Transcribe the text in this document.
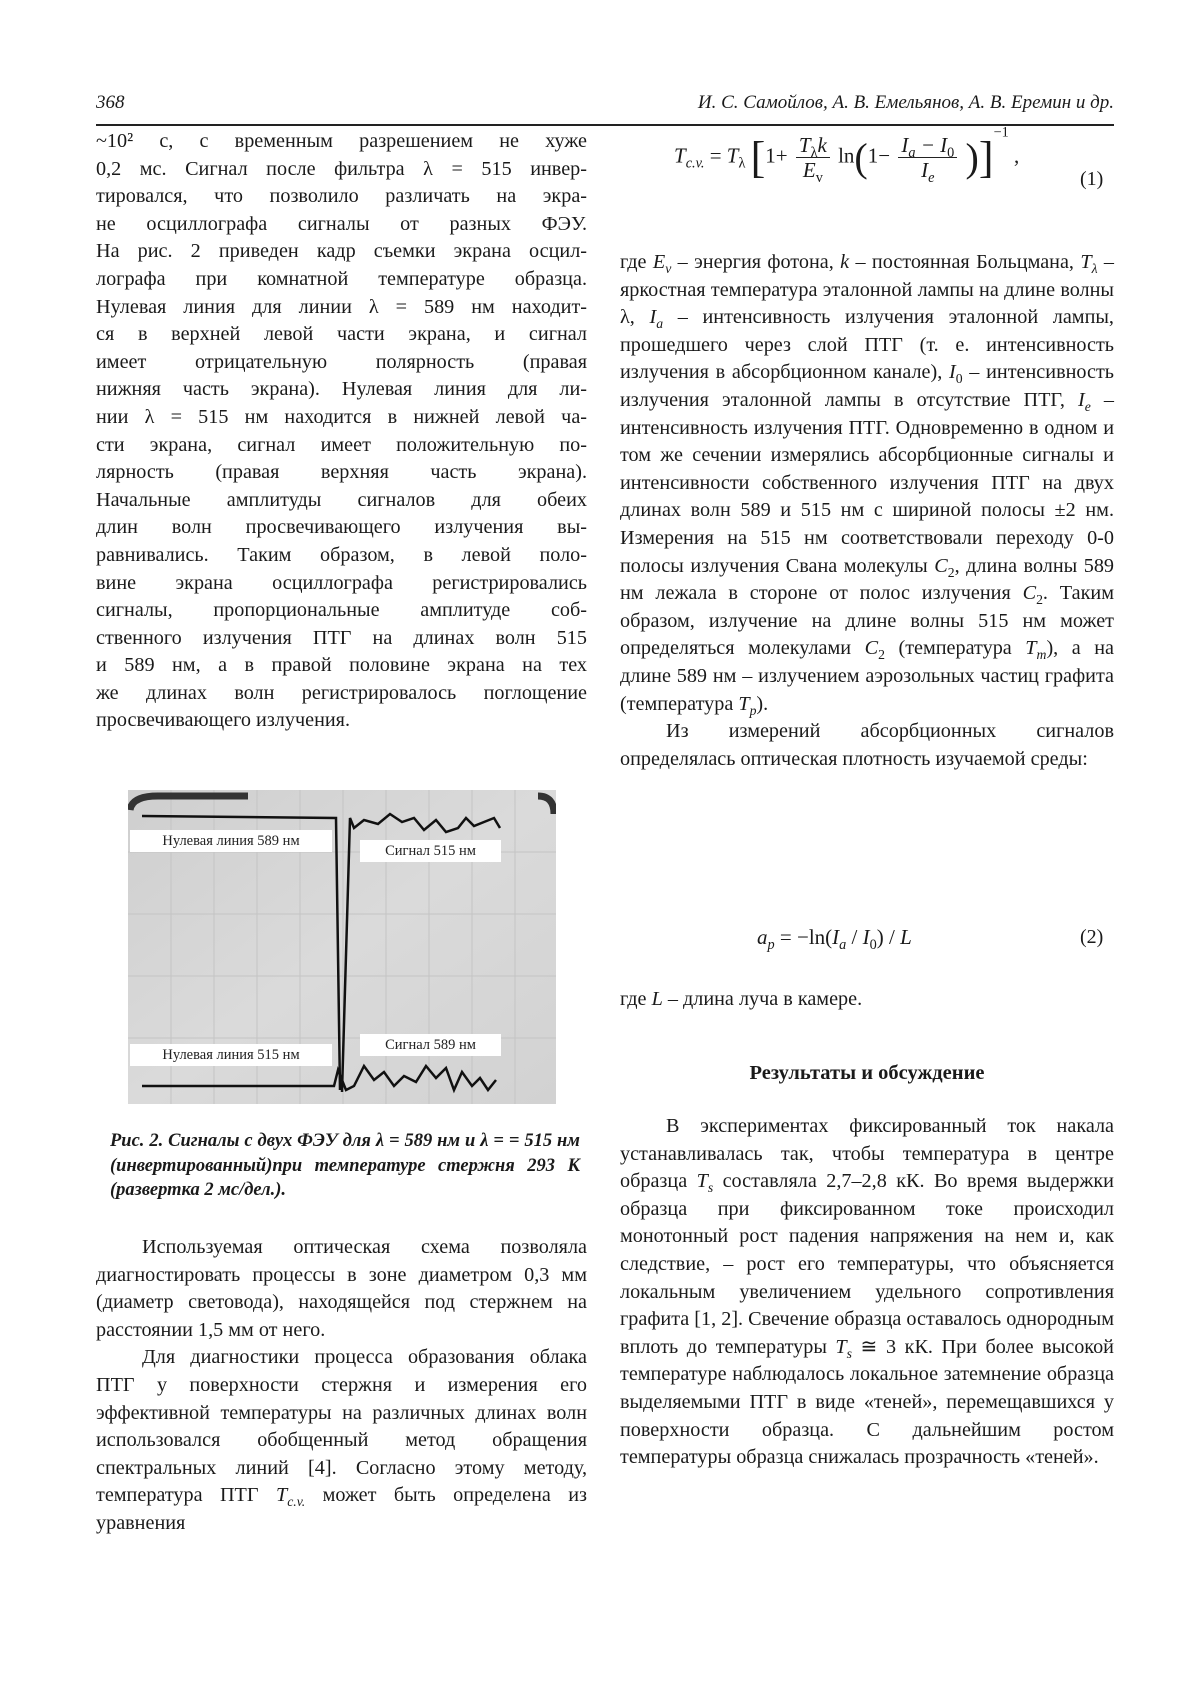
368	И. С. Самойлов, А. В. Емельянов, А. В. Еремин и др.
~10² с, с временным разрешением не хуже
0,2 мс. Сигнал после фильтра λ = 515 инвер-
тировался, что позволило различать на экра-
не осциллографа сигналы от разных ФЭУ.
На рис. 2 приведен кадр съемки экрана осцил-
лографа при комнатной температуре образца.
Нулевая линия для линии λ = 589 нм находит-
ся в верхней левой части экрана, и сигнал
имеет отрицательную полярность (правая
нижняя часть экрана). Нулевая линия для ли-
нии λ = 515 нм находится в нижней левой ча-
сти экрана, сигнал имеет положительную по-
лярность (правая верхняя часть экрана).
Начальные амплитуды сигналов для обеих
длин волн просвечивающего излучения вы-
равнивались. Таким образом, в левой поло-
вине экрана осциллографа регистрировались
сигналы, пропорциональные амплитуде соб-
ственного излучения ПТГ на длинах волн 515
и 589 нм, а в правой половине экрана на тех
же длинах волн регистрировалось поглощение
просвечивающего излучения.
Нулевая линия 589 нм
Сигнал 515 нм
Нулевая линия 515 нм
Сигнал 589 нм
Рис. 2. Сигналы с двух ФЭУ для λ = 589 нм и λ = = 515 нм (инвертированный)при температуре стержня 293 К (развертка 2 мс/дел.).

Используемая оптическая схема позволяла диагностировать процессы в зоне диаметром 0,3 мм (диаметр световода), находящейся под стержнем на расстоянии 1,5 мм от него.

Для диагностики процесса образования облака ПТГ у поверхности стержня и измерения его эффективной температуры на различных длинах волн использовался обобщенный метод обращения спектральных линий [4]. Согласно этому методу, температура ПТГ $T_{c.v.}$ может быть определена из уравнения

$T_{c.v.} = T_\lambda$ $[1+ \frac{T_\lambda k}{E_v} \ln(1- \frac{I_a - I_0}{I_e} )]^{-1}$ ,
(1)

где $E_v$ – энергия фотона, k – постоянная Больцмана, $T_\lambda$ – яркостная температура эталонной лампы на длине волны λ, $I_a$ – интенсивность излучения эталонной лампы, прошедшего через слой ПТГ (т. е. интенсивность излучения в абсорбционном канале), $I_0$ – интенсивность излучения эталонной лампы в отсутствие ПТГ, $I_e$ – интенсивность излучения ПТГ. Одновременно в одном и том же сечении измерялись абсорбционные сигналы и интенсивности собственного излучения ПТГ на двух длинах волн 589 и 515 нм с шириной полосы ±2 нм. Измерения на 515 нм соответствовали переходу 0-0 полосы излучения Свана молекулы $C_2$, длина волны 589 нм лежала в стороне от полос излучения $C_2$. Таким образом, излучение на длине волны 515 нм может определяться молекулами $C_2$ (температура $T_m$), а на длине 589 нм – излучением аэрозольных частиц графита (температура $T_p$).

Из измерений абсорбционных сигналов определялась оптическая плотность изучаемой среды:

$a_p = -\ln(I_a / I_0) / L$	(2)

где L – длина луча в камере.

Результаты и обсуждение

В экспериментах фиксированный ток накала устанавливалась так, чтобы температура в центре образца $T_s$ составляла 2,7–2,8 кК. Во время выдержки образца при фиксированном токе происходил монотонный рост падения напряжения на нем и, как следствие, – рост его температуры, что объясняется локальным увеличением удельного сопротивления графита [1, 2]. Свечение образца оставалось однородным вплоть до температуры $T_s$ ≅ 3 кК. При более высокой температуре наблюдалось локальное затемнение образца выделяемыми ПТГ в виде «теней», перемещавшихся у поверхности образца. С дальнейшим ростом температуры образца снижалась прозрачность «теней».
